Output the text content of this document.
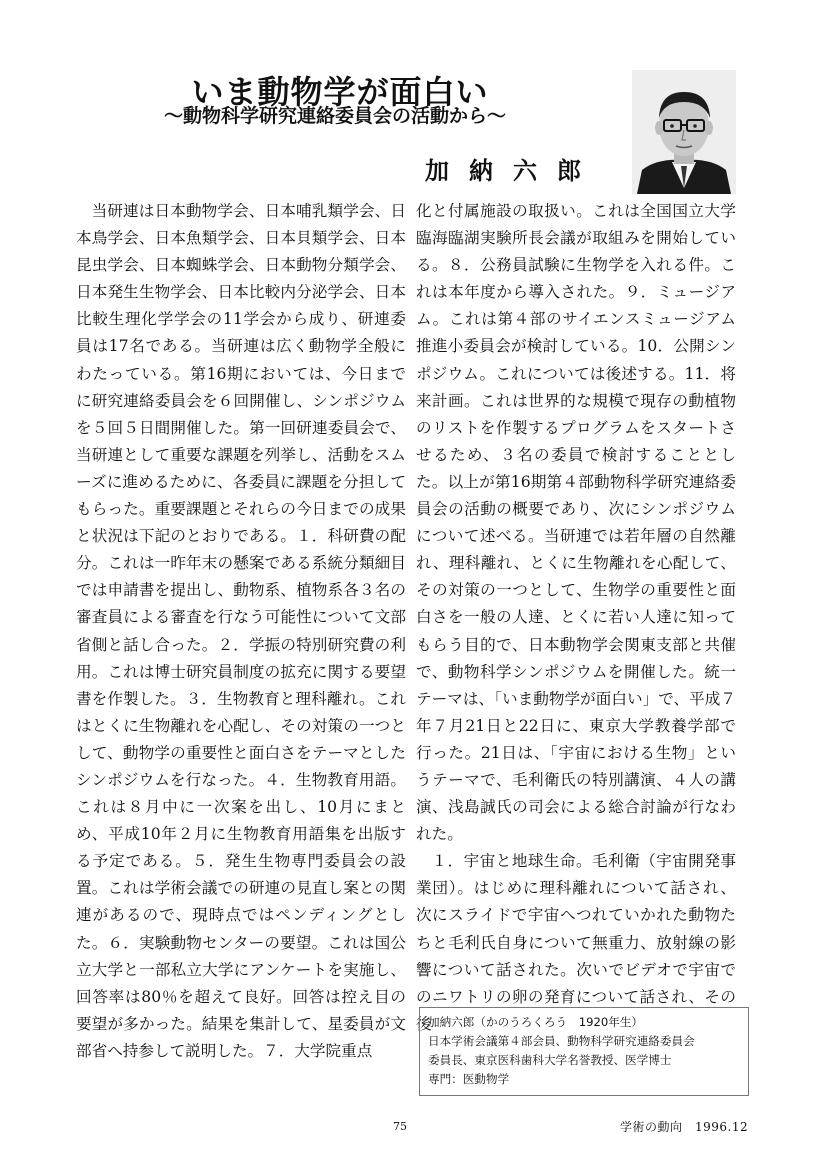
いま動物学が面白い
〜動物科学研究連絡委員会の活動から〜
加納六郎

当研連は日本動物学会、日本哺乳類学会、日本鳥学会、日本魚類学会、日本貝類学会、日本昆虫学会、日本蜘蛛学会、日本動物分類学会、日本発生生物学会、日本比較内分泌学会、日本比較生理化学学会の11学会から成り、研連委員は17名である。当研連は広く動物学全般にわたっている。第16期においては、今日までに研究連絡委員会を６回開催し、シンポジウムを５回５日間開催した。第一回研連委員会で、当研連として重要な課題を列挙し、活動をスムーズに進めるために、各委員に課題を分担してもらった。重要課題とそれらの今日までの成果と状況は下記のとおりである。１．科研費の配分。これは一昨年末の懸案である系統分類細目では申請書を提出し、動物系、植物系各３名の審査員による審査を行なう可能性について文部省側と話し合った。２．学振の特別研究費の利用。これは博士研究員制度の拡充に関する要望書を作製した。３．生物教育と理科離れ。これはとくに生物離れを心配し、その対策の一つとして、動物学の重要性と面白さをテーマとしたシンポジウムを行なった。４．生物教育用語。これは８月中に一次案を出し、10月にまとめ、平成10年２月に生物教育用語集を出版する予定である。５．発生生物専門委員会の設置。これは学術会議での研連の見直し案との関連があるので、現時点ではペンディングとした。６．実験動物センターの要望。これは国公立大学と一部私立大学にアンケートを実施し、回答率は80％を超えて良好。回答は控え目の要望が多かった。結果を集計して、星委員が文部省へ持参して説明した。７．大学院重点

化と付属施設の取扱い。これは全国国立大学臨海臨湖実験所長会議が取組みを開始している。８．公務員試験に生物学を入れる件。これは本年度から導入された。９．ミュージアム。これは第４部のサイエンスミュージアム推進小委員会が検討している。10．公開シンポジウム。これについては後述する。11．将来計画。これは世界的な規模で現存の動植物のリストを作製するプログラムをスタートさせるため、３名の委員で検討することとした。以上が第16期第４部動物科学研究連絡委員会の活動の概要であり、次にシンポジウムについて述べる。当研連では若年層の自然離れ、理科離れ、とくに生物離れを心配して、その対策の一つとして、生物学の重要性と面白さを一般の人達、とくに若い人達に知ってもらう目的で、日本動物学会関東支部と共催で、動物科学シンポジウムを開催した。統一テーマは、「いま動物学が面白い」で、平成７年７月21日と22日に、東京大学教養学部で行った。21日は、「宇宙における生物」というテーマで、毛利衛氏の特別講演、４人の講演、浅島誠氏の司会による総合討論が行なわれた。

１．宇宙と地球生命。毛利衛（宇宙開発事業団）。はじめに理科離れについて話され、次にスライドで宇宙へつれていかれた動物たちと毛利氏自身について無重力、放射線の影響について話された。次いでビデオで宇宙でのニワトリの卵の発育について話され、その後

加納六郎（かのうろくろう　1920年生）
日本学術会議第４部会員、動物科学研究連絡委員会
委員長、東京医科歯科大学名誉教授、医学博士
専門：医動物学
75	学術の動向　1996.12
